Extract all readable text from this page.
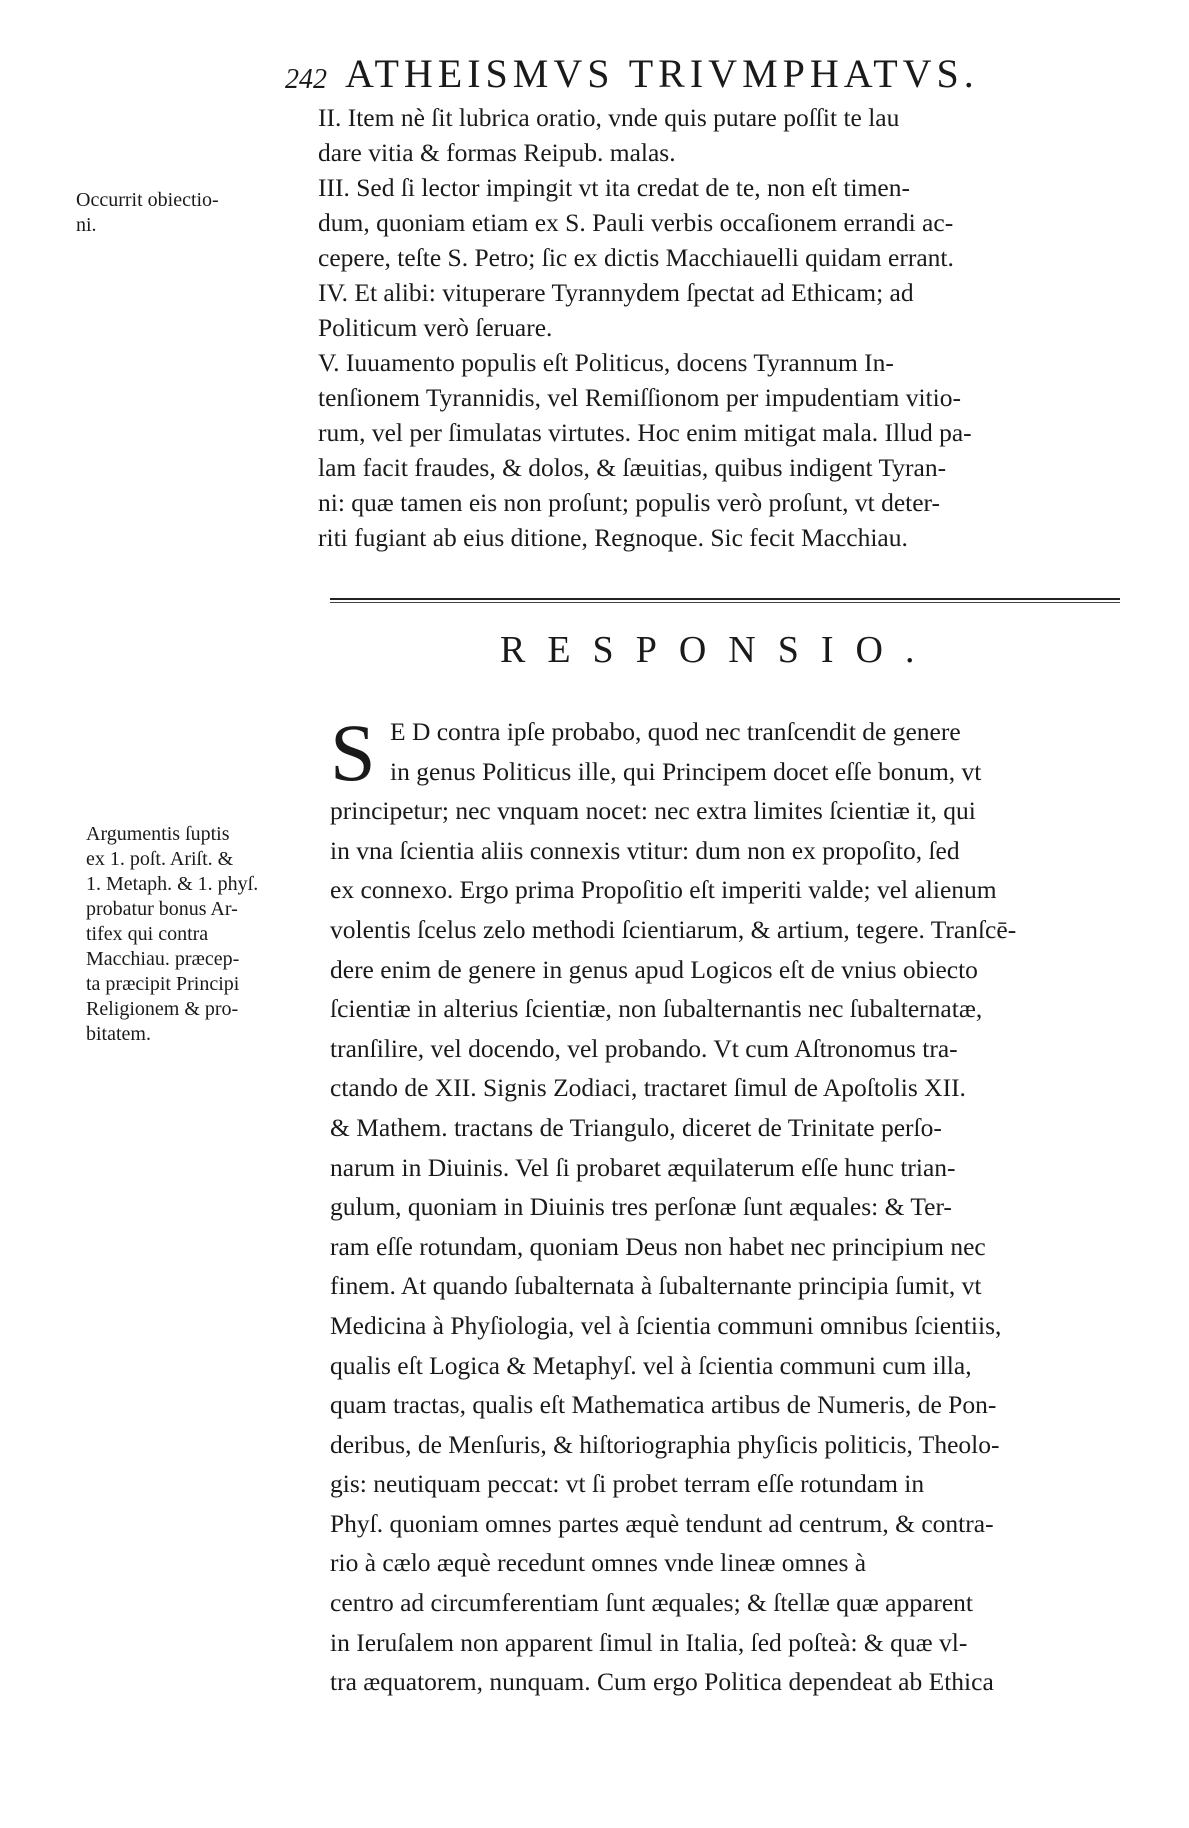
242 ATHEISMVS TRIVMPHATVS.

II. Item nè ſit lubrica oratio, vnde quis putare poſſit te lau
dare vitia & formas Reipub. malas.

III. Sed ſi lector impingit vt ita credat de te, non eſt timen-
dum, quoniam etiam ex S. Pauli verbis occaſionem errandi ac-
cepere, teſte S. Petro; ſic ex dictis Macchiauelli quidam errant.

IV. Et alibi: vituperare Tyrannydem ſpectat ad Ethicam; ad
Politicum verò ſeruare.

V. Iuuamento populis eſt Politicus, docens Tyrannum In-
tenſionem Tyrannidis, vel Remiſſionom per impudentiam vitio-
rum, vel per ſimulatas virtutes. Hoc enim mitigat mala. Illud pa-
lam facit fraudes, & dolos, & ſæuitias, quibus indigent Tyran-
ni: quæ tamen eis non proſunt; populis verò proſunt, vt deter-
riti fugiant ab eius ditione, Regnoque. Sic fecit Macchiau.

Occurrit obiectio-
ni.
RESPONSIO.
S E D contra ipſe probabo, quod nec tranſcendit de genere
in genus Politicus ille, qui Principem docet eſſe bonum, vt
principetur; nec vnquam nocet: nec extra limites ſcientiæ it, qui
in vna ſcientia aliis connexis vtitur: dum non ex propoſito, ſed
ex connexo. Ergo prima Propoſitio eſt imperiti valde; vel alienum
volentis ſcelus zelo methodi ſcientiarum, & artium, tegere. Tranſcē-
dere enim de genere in genus apud Logicos eſt de vnius obiecto
ſcientiæ in alterius ſcientiæ, non ſubalternantis nec ſubalternatæ,
tranſilire, vel docendo, vel probando. Vt cum Aſtronomus tra-
ctando de XII. Signis Zodiaci, tractaret ſimul de Apoſtolis XII.
& Mathem. tractans de Triangulo, diceret de Trinitate perſo-
narum in Diuinis. Vel ſi probaret æquilaterum eſſe hunc trian-
gulum, quoniam in Diuinis tres perſonæ ſunt æquales: & Ter-
ram eſſe rotundam, quoniam Deus non habet nec principium nec
finem. At quando ſubalternata à ſubalternante principia ſumit, vt
Medicina à Phyſiologia, vel à ſcientia communi omnibus ſcientiis,
qualis eſt Logica & Metaphyſ. vel à ſcientia communi cum illa,
quam tractas, qualis eſt Mathematica artibus de Numeris, de Pon-
deribus, de Menſuris, & hiſtoriographia phyſicis politicis, Theolo-
gis: neutiquam peccat: vt ſi probet terram eſſe rotundam in
Phyſ. quoniam omnes partes æquè tendunt ad centrum, & contra-
rio à cælo æquè recedunt omnes vnde lineæ omnes à
centro ad circumferentiam ſunt æquales; & ſtellæ quæ apparent
in Ieruſalem non apparent ſimul in Italia, ſed poſteà: & quæ vl-
tra æquatorem, nunquam. Cum ergo Politica dependeat ab Ethica

Argumentis ſuptis
ex 1. poſt. Ariſt. &
1. Metaph. & 1. phyſ.
probatur bonus Ar-
tifex qui contra
Macchiau. præcep-
ta præcipit Principi
Religionem & pro-
bitatem.
